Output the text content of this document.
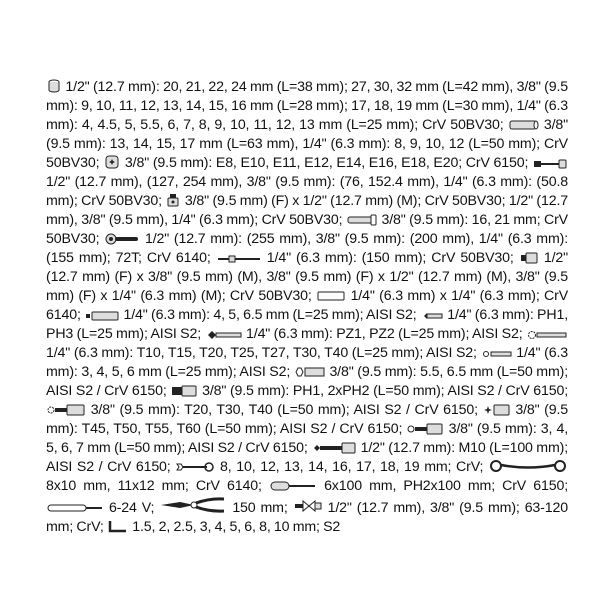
1/2" (12.7 mm): 20, 21, 22, 24 mm (L=38 mm); 27, 30, 32 mm (L=42 mm), 3/8" (9.5 mm): 9, 10, 11, 12, 13, 14, 15, 16 mm (L=28 mm); 17, 18, 19 mm (L=30 mm), 1/4" (6.3 mm): 4, 4.5, 5, 5.5, 6, 7, 8, 9, 10, 11, 12, 13 mm (L=25 mm); CrV 50BV30;	3/8" (9.5 mm): 13, 14, 15, 17 mm (L=63 mm), 1/4" (6.3 mm): 8, 9, 10, 12 (L=50 mm); CrV 50BV30; 3/8" (9.5 mm): E8, E10, E11, E12, E14, E16, E18, E20; CrV 6150;
1/2" (12.7 mm), (127, 254 mm), 3/8" (9.5 mm): (76, 152.4 mm), 1/4" (6.3 mm): (50.8 mm); CrV 50BV30; 3/8" (9.5 mm) (F) x 1/2" (12.7 mm) (M); CrV 50BV30; 1/2" (12.7 mm), 3/8" (9.5 mm), 1/4" (6.3 mm); CrV 50BV30;	3/8" (9.5 mm): 16, 21 mm; CrV 50BV30;	1/2" (12.7 mm): (255 mm), 3/8" (9.5 mm): (200 mm), 1/4" (6.3 mm): (155 mm); 72T; CrV 6140;	1/4" (6.3 mm): (150 mm); CrV 50BV30; 1/2" (12.7 mm) (F) x 3/8" (9.5 mm) (M), 3/8" (9.5 mm) (F) x 1/2" (12.7 mm) (M), 3/8" (9.5 mm) (F) x 1/4" (6.3 mm) (M); CrV 50BV30;	1/4" (6.3 mm) x 1/4" (6.3 mm); CrV 6140;	1/4" (6.3 mm): 4, 5, 6.5 mm (L=25 mm); AISI S2; 1/4" (6.3 mm): PH1, PH3 (L=25 mm); AISI S2;	1/4" (6.3 mm): PZ1, PZ2 (L=25 mm); AISI S2;
1/4" (6.3 mm): T10, T15, T20, T25, T27, T30, T40 (L=25 mm); AISI S2;	1/4" (6.3 mm): 3, 4, 5, 6 mm (L=25 mm); AISI S2;	3/8" (9.5 mm): 5.5, 6.5 mm (L=50 mm); AISI S2 / CrV 6150; 3/8" (9.5 mm): PH1, 2xPH2 (L=50 mm); AISI S2 / CrV 6150;
3/8" (9.5 mm): T20, T30, T40 (L=50 mm); AISI S2 / CrV 6150;	3/8" (9.5 mm): T45, T50, T55, T60 (L=50 mm); AISI S2 / CrV 6150;	3/8" (9.5 mm): 3, 4, 5, 6, 7 mm (L=50 mm); AISI S2 / CrV 6150;	1/2" (12.7 mm): M10 (L=100 mm); AISI S2 / CrV 6150;	8, 10, 12, 13, 14, 16, 17, 18, 19 mm; CrV;
8x10 mm, 11x12 mm; CrV 6140;	6x100 mm, PH2x100 mm; CrV 6150;
6-24 V;	150 mm;	1/2" (12.7 mm), 3/8" (9.5 mm); 63-120 mm; CrV; 1.5, 2, 2.5, 3, 4, 5, 6, 8, 10 mm; S2
